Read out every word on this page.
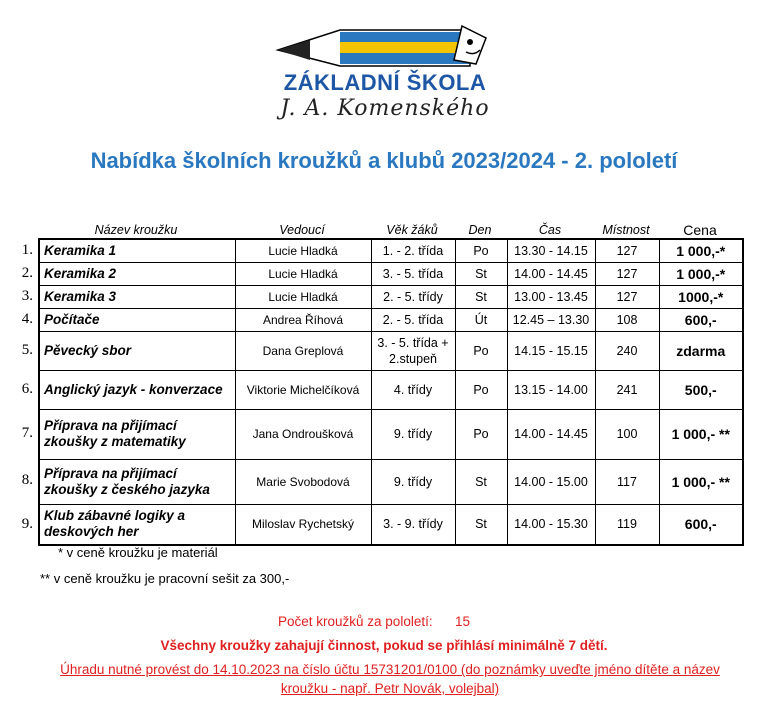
ZÁKLADNÍ ŠKOLA
J. A. Komenského
Nabídka školních kroužků a klubů 2023/2024 - 2. pololetí
Název kroužku	Vedoucí	Věk žáků	Den	Čas	Místnost	Cena
1.
2.
3.
4.
5.
6.
7.
8.
9.
Keramika 1	Lucie Hladká	1. - 2. třída	Po	13.30 - 14.15	127	1 000,-*
Keramika 2	Lucie Hladká	3. - 5. třída	St	14.00 - 14.45	127	1 000,-*
Keramika 3	Lucie Hladká	2. - 5. třídy	St	13.00 - 13.45	127	1000,-*
Počítače	Andrea Říhová	2. - 5. třída	Út	12.45 – 13.30	108	600,-
Pěvecký sbor	Dana Greplová	3. - 5. třída + 2.stupeň	Po	14.15 - 15.15	240	zdarma
Anglický jazyk - konverzace	Viktorie Michelčíková	4. třídy	Po	13.15 - 14.00	241	500,-
Příprava na přijímací zkoušky z matematiky	Jana Ondroušková	9. třídy	Po	14.00 - 14.45	100	1 000,- **
Příprava na přijímací zkoušky z českého jazyka	Marie Svobodová	9. třídy	St	14.00 - 15.00	117	1 000,- **
Klub zábavné logiky a deskových her	Miloslav Rychetský	3. - 9. třídy	St	14.00 - 15.30	119	600,-
* v ceně kroužku je materiál
** v ceně kroužku je pracovní sešit za 300,-
Počet kroužků za pololetí: 15
Všechny kroužky zahajují činnost, pokud se přihlásí minimálně 7 dětí.
Úhradu nutné provést do 14.10.2023 na číslo účtu 15731201/0100 (do poznámky uveďte jméno dítěte a název kroužku - např. Petr Novák, volejbal)
